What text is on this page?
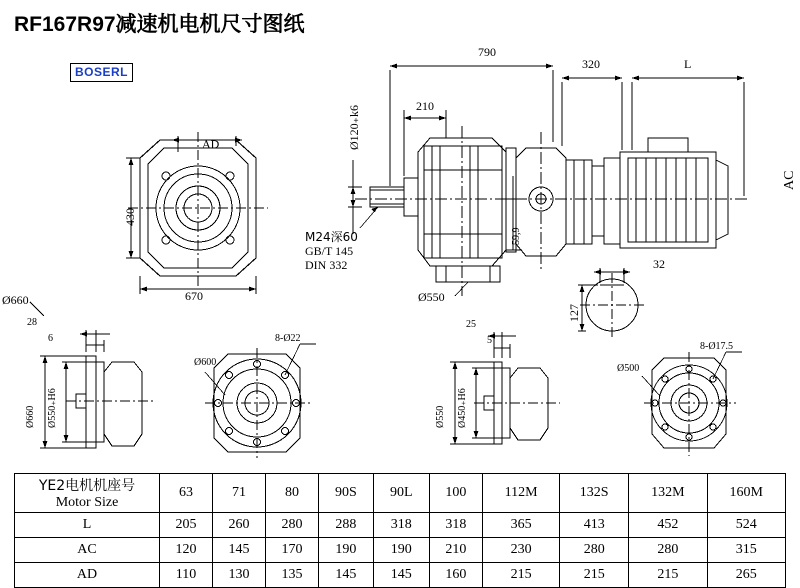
RF167R97减速机电机尺寸图纸
BOSERL
790
320	L
210
Ø120₊k6
59,9
M24深60
GB/T 145
DIN 332
Ø550
32
127
AC
AD
430
670
Ø660
28
6
Ø660 Ø550₊H6
Ø600
8-Ø22
25
5
Ø550 Ø450₊H6
Ø500
8-Ø17.5
YE2电机机座号
Motor Size	63	71	80	90S	90L	100	112M	132S	132M	160M
L	205	260	280	288	318	318	365	413	452	524
AC	120	145	170	190	190	210	230	280	280	315
AD	110	130	135	145	145	160	215	215	215	265
